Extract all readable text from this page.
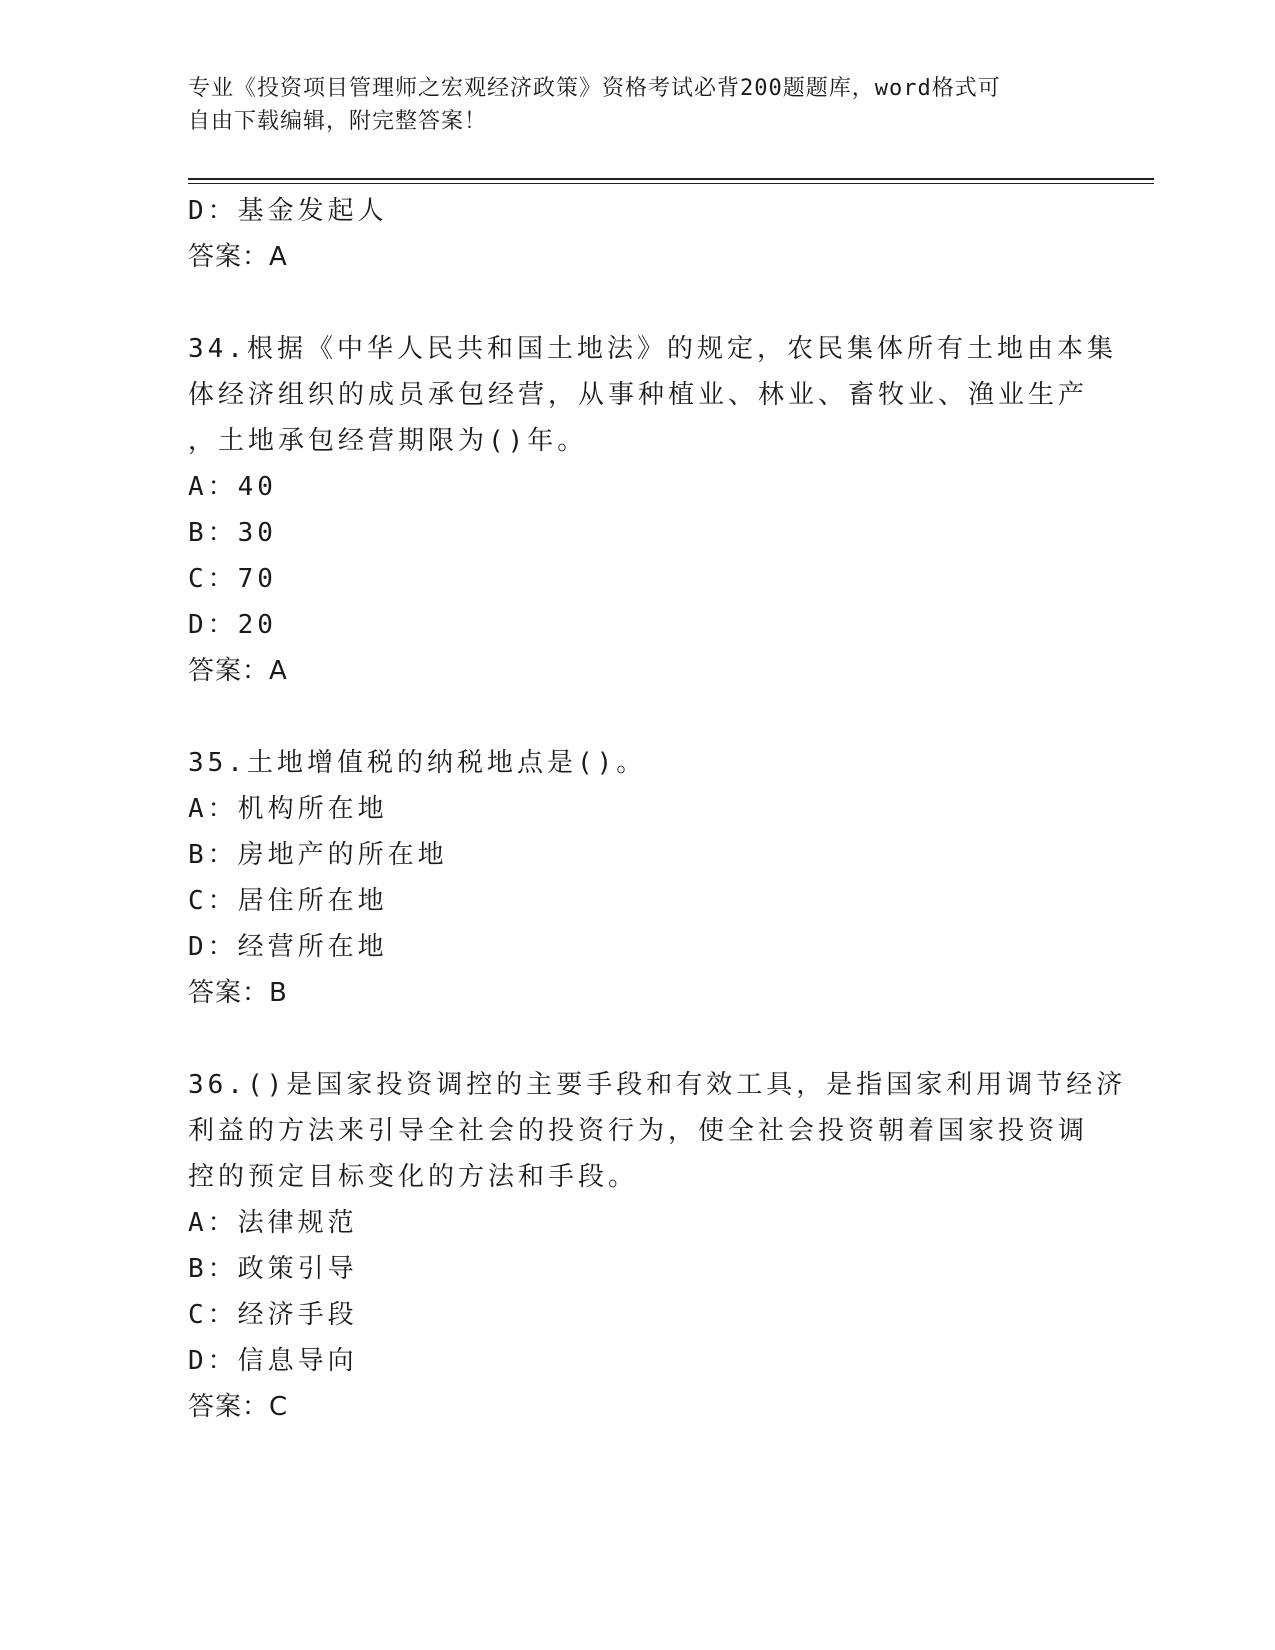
专业《投资项目管理师之宏观经济政策》资格考试必背200题题库，word格式可
自由下载编辑，附完整答案！
D：基金发起人
答案：A
34.根据《中华人民共和国土地法》的规定，农民集体所有土地由本集
体经济组织的成员承包经营，从事种植业、林业、畜牧业、渔业生产
，土地承包经营期限为()年。
A：40
B：30
C：70
D：20
答案：A
35.土地增值税的纳税地点是()。
A：机构所在地
B：房地产的所在地
C：居住所在地
D：经营所在地
答案：B
36.()是国家投资调控的主要手段和有效工具，是指国家利用调节经济
利益的方法来引导全社会的投资行为，使全社会投资朝着国家投资调
控的预定目标变化的方法和手段。
A：法律规范
B：政策引导
C：经济手段
D：信息导向
答案：C
